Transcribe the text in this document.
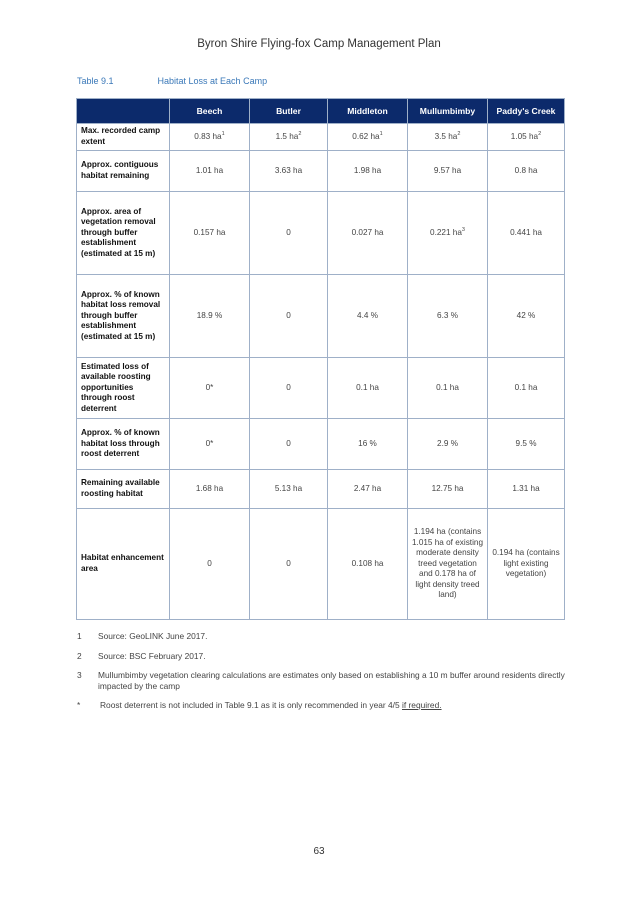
Byron Shire Flying-fox Camp Management Plan
Table 9.1	Habitat Loss at Each Camp
	Beech	Butler	Middleton	Mullumbimby	Paddy's Creek
Max. recorded camp extent	0.83 $ha^1$	1.5 $ha^2$	0.62 $ha^1$	3.5 $ha^2$	1.05 $ha^2$
Approx. contiguous habitat remaining	1.01 ha	3.63 ha	1.98 ha	9.57 ha	0.8 ha
Approx. area of vegetation removal through buffer establishment (estimated at 15 m)	0.157 ha	0	0.027 ha	0.221 $ha^3$	0.441 ha
Approx. % of known habitat loss removal through buffer establishment (estimated at 15 m)	18.9 %	0	4.4 %	6.3 %	42 %
Estimated loss of available roosting opportunities through roost deterrent	0*	0	0.1 ha	0.1 ha	0.1 ha
Approx. % of known habitat loss through roost deterrent	0*	0	16 %	2.9 %	9.5 %
Remaining available roosting habitat	1.68 ha	5.13 ha	2.47 ha	12.75 ha	1.31 ha
Habitat enhancement area	0	0	0.108 ha	1.194 ha (contains 1.015 ha of existing moderate density treed vegetation and 0.178 ha of light density treed land)	0.194 ha (contains light existing vegetation)
1 Source: GeoLINK June 2017.
2 Source: BSC February 2017.
3 Mullumbimby vegetation clearing calculations are estimates only based on establishing a 10 m buffer around residents directly impacted by the camp
* Roost deterrent is not included in Table 9.1 as it is only recommended in year 4/5 if required.
63
